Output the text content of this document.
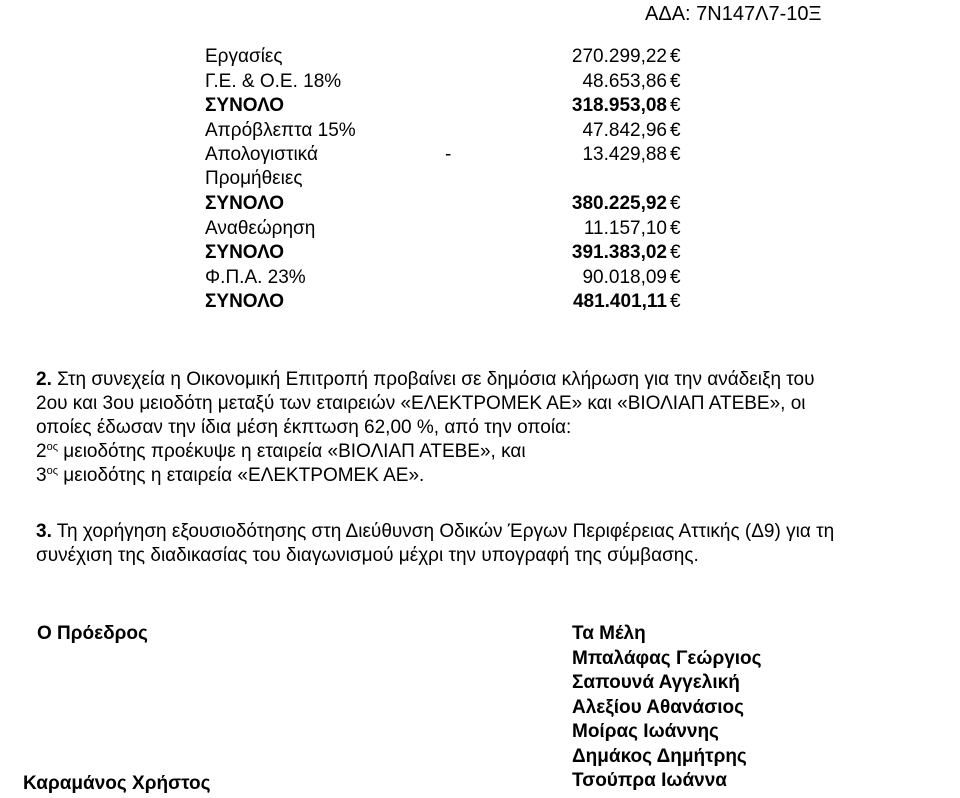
ΑΔΑ: 7Ν147Λ7-10Ξ
Εργασίες	270.299,22 €
Γ.Ε. & Ο.Ε. 18%	48.653,86 €
ΣΥΝΟΛΟ	318.953,08 €
Απρόβλεπτα 15%	47.842,96 €
Απολογιστικά	-	13.429,88 €
Προμήθειες
ΣΥΝΟΛΟ	380.225,92 €
Αναθεώρηση	11.157,10 €
ΣΥΝΟΛΟ	391.383,02 €
Φ.Π.Α. 23%	90.018,09 €
ΣΥΝΟΛΟ	481.401,11 €

2. Στη συνεχεία η Οικονομική Επιτροπή προβαίνει σε δημόσια κλήρωση για την ανάδειξη του

2ου και 3ου μειοδότη μεταξύ των εταιρειών «ΕΛΕΚΤΡΟΜΕΚ ΑΕ» και «ΒΙΟΛΙΑΠ ΑΤΕΒΕ», οι

οποίες έδωσαν την ίδια μέση έκπτωση 62,00 %, από την οποία:

$2^{o\varsigma}$ μειοδότης προέκυψε η εταιρεία «ΒΙΟΛΙΑΠ ΑΤΕΒΕ», και

$3^{o\varsigma}$ μειοδότης η εταιρεία «ΕΛΕΚΤΡΟΜΕΚ ΑΕ».

3. Τη χορήγηση εξουσιοδότησης στη Διεύθυνση Οδικών Έργων Περιφέρειας Αττικής (Δ9) για τη

συνέχιση της διαδικασίας του διαγωνισμού μέχρι την υπογραφή της σύμβασης.

Ο Πρόεδρος
Καραμάνος Χρήστος
Τα Μέλη
Μπαλάφας Γεώργιος
Σαπουνά Αγγελική
Αλεξίου Αθανάσιος
Μοίρας Ιωάννης
Δημάκος Δημήτρης
Τσούπρα Ιωάννα
